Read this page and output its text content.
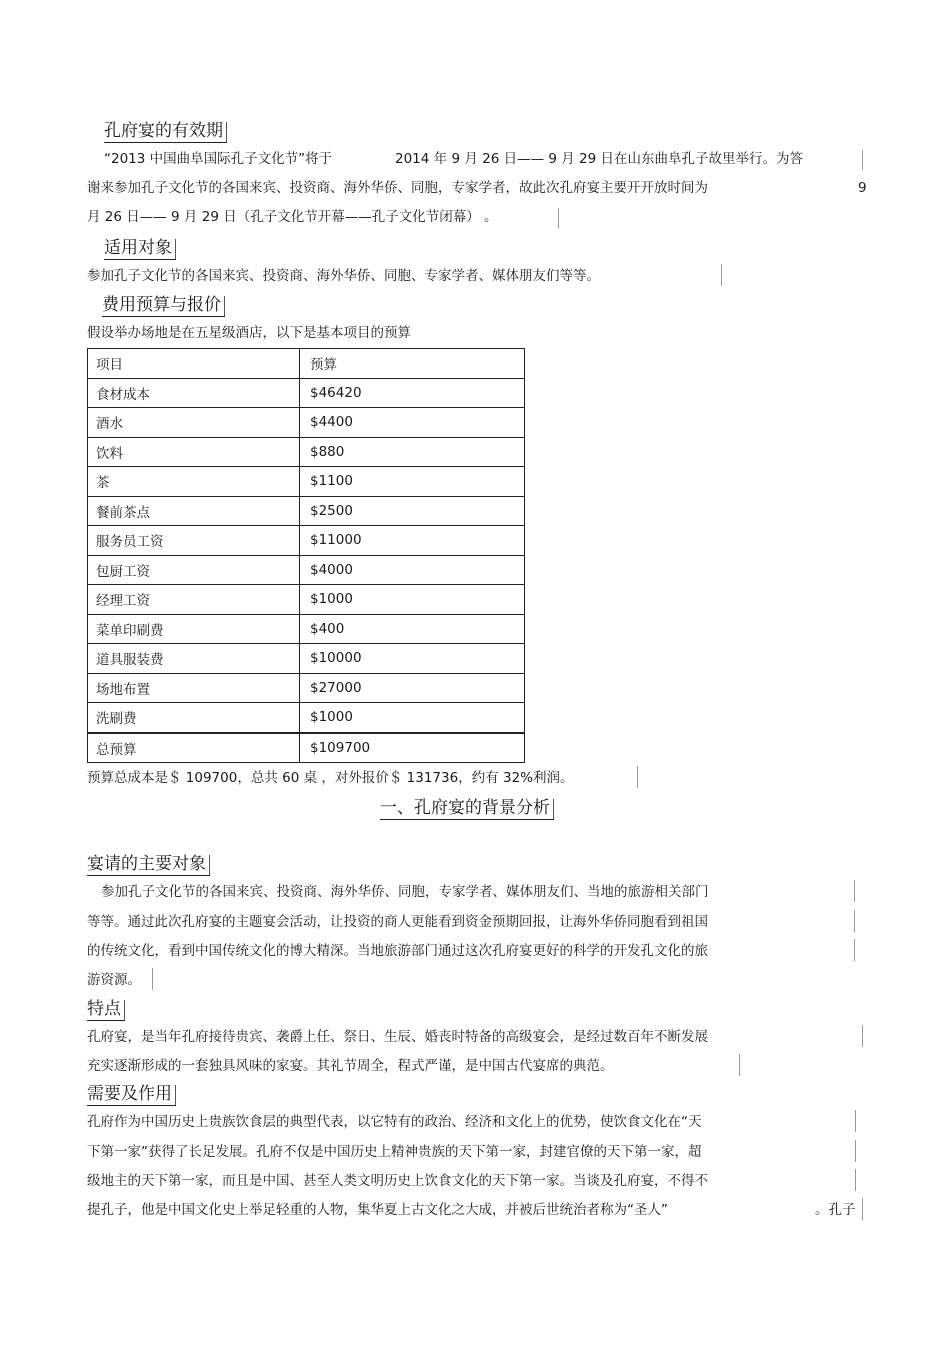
孔府宴的有效期
“2013 中国曲阜国际孔子文化节”将于	2014 年 9 月 26 日—— 9 月 29 日在山东曲阜孔子故里举行。为答
谢来参加孔子文化节的各国来宾、投资商、海外华侨、同胞，专家学者，故此次孔府宴主要开开放时间为	9
月 26 日—— 9 月 29 日（孔子文化节开幕——孔子文化节闭幕） 。
适用对象
参加孔子文化节的各国来宾、投资商、海外华侨、同胞、专家学者、媒体朋友们等等。
费用预算与报价
假设举办场地是在五星级酒店，以下是基本项目的预算
项目	预算
食材成本	$46420
酒水	$4400
饮料	$880
茶	$1100
餐前茶点	$2500
服务员工资	$11000
包厨工资	$4000
经理工资	$1000
菜单印刷费	$400
道具服装费	$10000
场地布置	$27000
洗刷费	$1000
总预算	$109700
预算总成本是＄ 109700，总共 60 桌 ，对外报价＄ 131736，约有 32%利润。
一、孔府宴的背景分析
宴请的主要对象
参加孔子文化节的各国来宾、投资商、海外华侨、同胞，专家学者、媒体朋友们、当地的旅游相关部门
等等。通过此次孔府宴的主题宴会活动，让投资的商人更能看到资金预期回报，让海外华侨同胞看到祖国
的传统文化，看到中国传统文化的博大精深。当地旅游部门通过这次孔府宴更好的科学的开发孔文化的旅
游资源。
特点
孔府宴，是当年孔府接待贵宾、袭爵上任、祭日、生辰、婚丧时特备的高级宴会，是经过数百年不断发展
充实逐渐形成的一套独具风味的家宴。其礼节周全，程式严谨，是中国古代宴席的典范。
需要及作用
孔府作为中国历史上贵族饮食层的典型代表，以它特有的政治、经济和文化上的优势，使饮食文化在“天
下第一家”获得了长足发展。孔府不仅是中国历史上精神贵族的天下第一家，封建官僚的天下第一家，超
级地主的天下第一家，而且是中国、甚至人类文明历史上饮食文化的天下第一家。当谈及孔府宴，不得不
提孔子，他是中国文化史上举足轻重的人物，集华夏上古文化之大成，并被后世统治者称为“圣人”	。孔子
